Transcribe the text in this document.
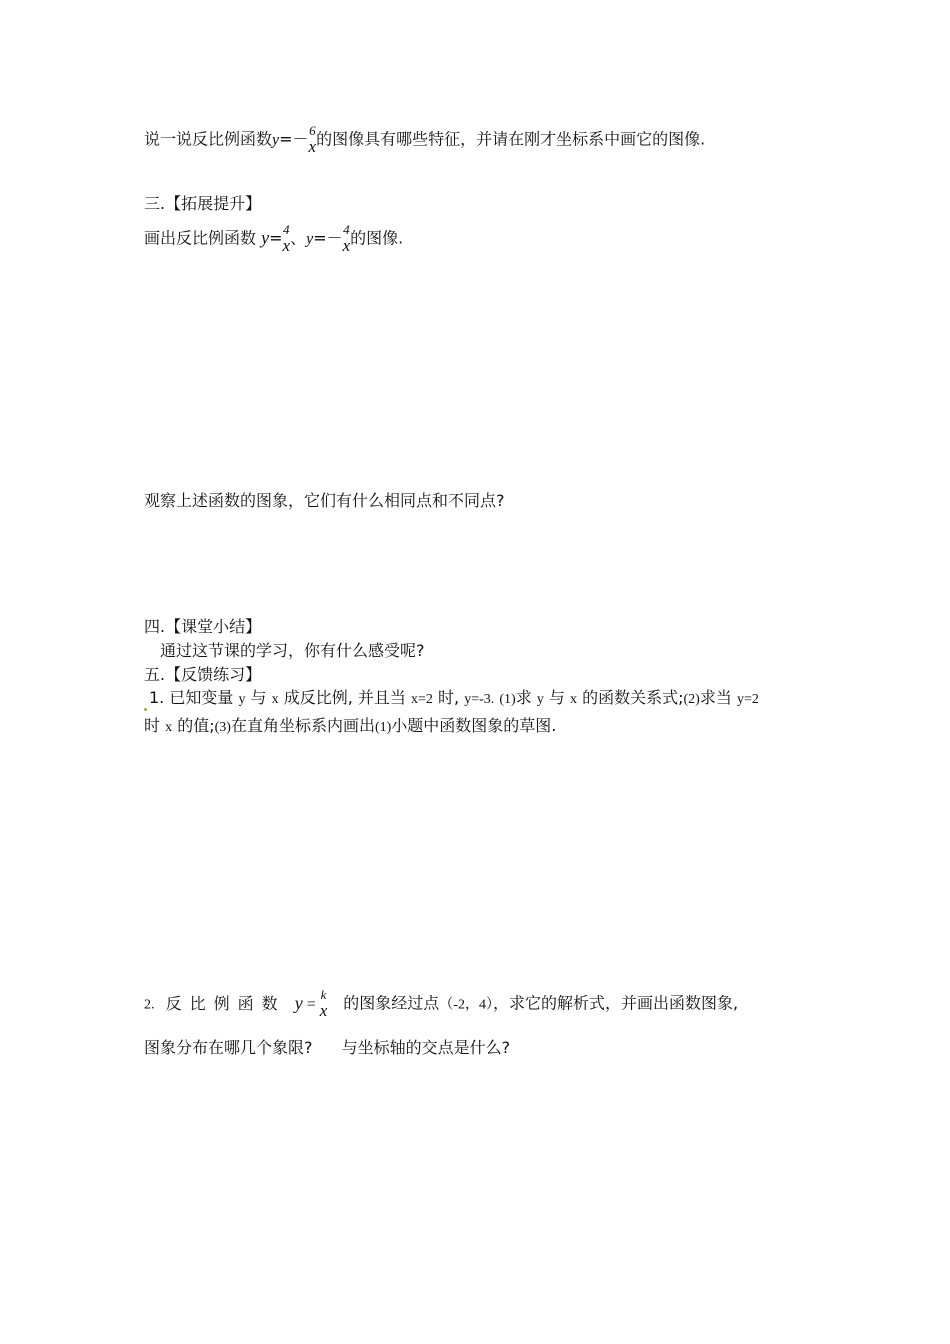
说一说反比例函数y=－ 6
x 的图像具有哪些特征，并请在刚才坐标系中画它的图像.
三.【拓展提升】
画出反比例函数 y= 4
x 、y=－ 4
x 的图像.
观察上述函数的图象，它们有什么相同点和不同点?
四.【课堂小结】
通过这节课的学习，你有什么感受呢?
五.【反馈练习】
1. 已知变量 y 与 x 成反比例, 并且当 x=2 时, y=-3. (1)求 y 与 x 的函数关系式;(2)求当 y=2
时 x 的值;(3)在直角坐标系内画出(1)小题中函数图象的草图.
2. 反比例函数 y =
k
x 的图象经过点（-2，4），求它的解析式，并画出函数图象,
图象分布在哪几个象限? 与坐标轴的交点是什么?
